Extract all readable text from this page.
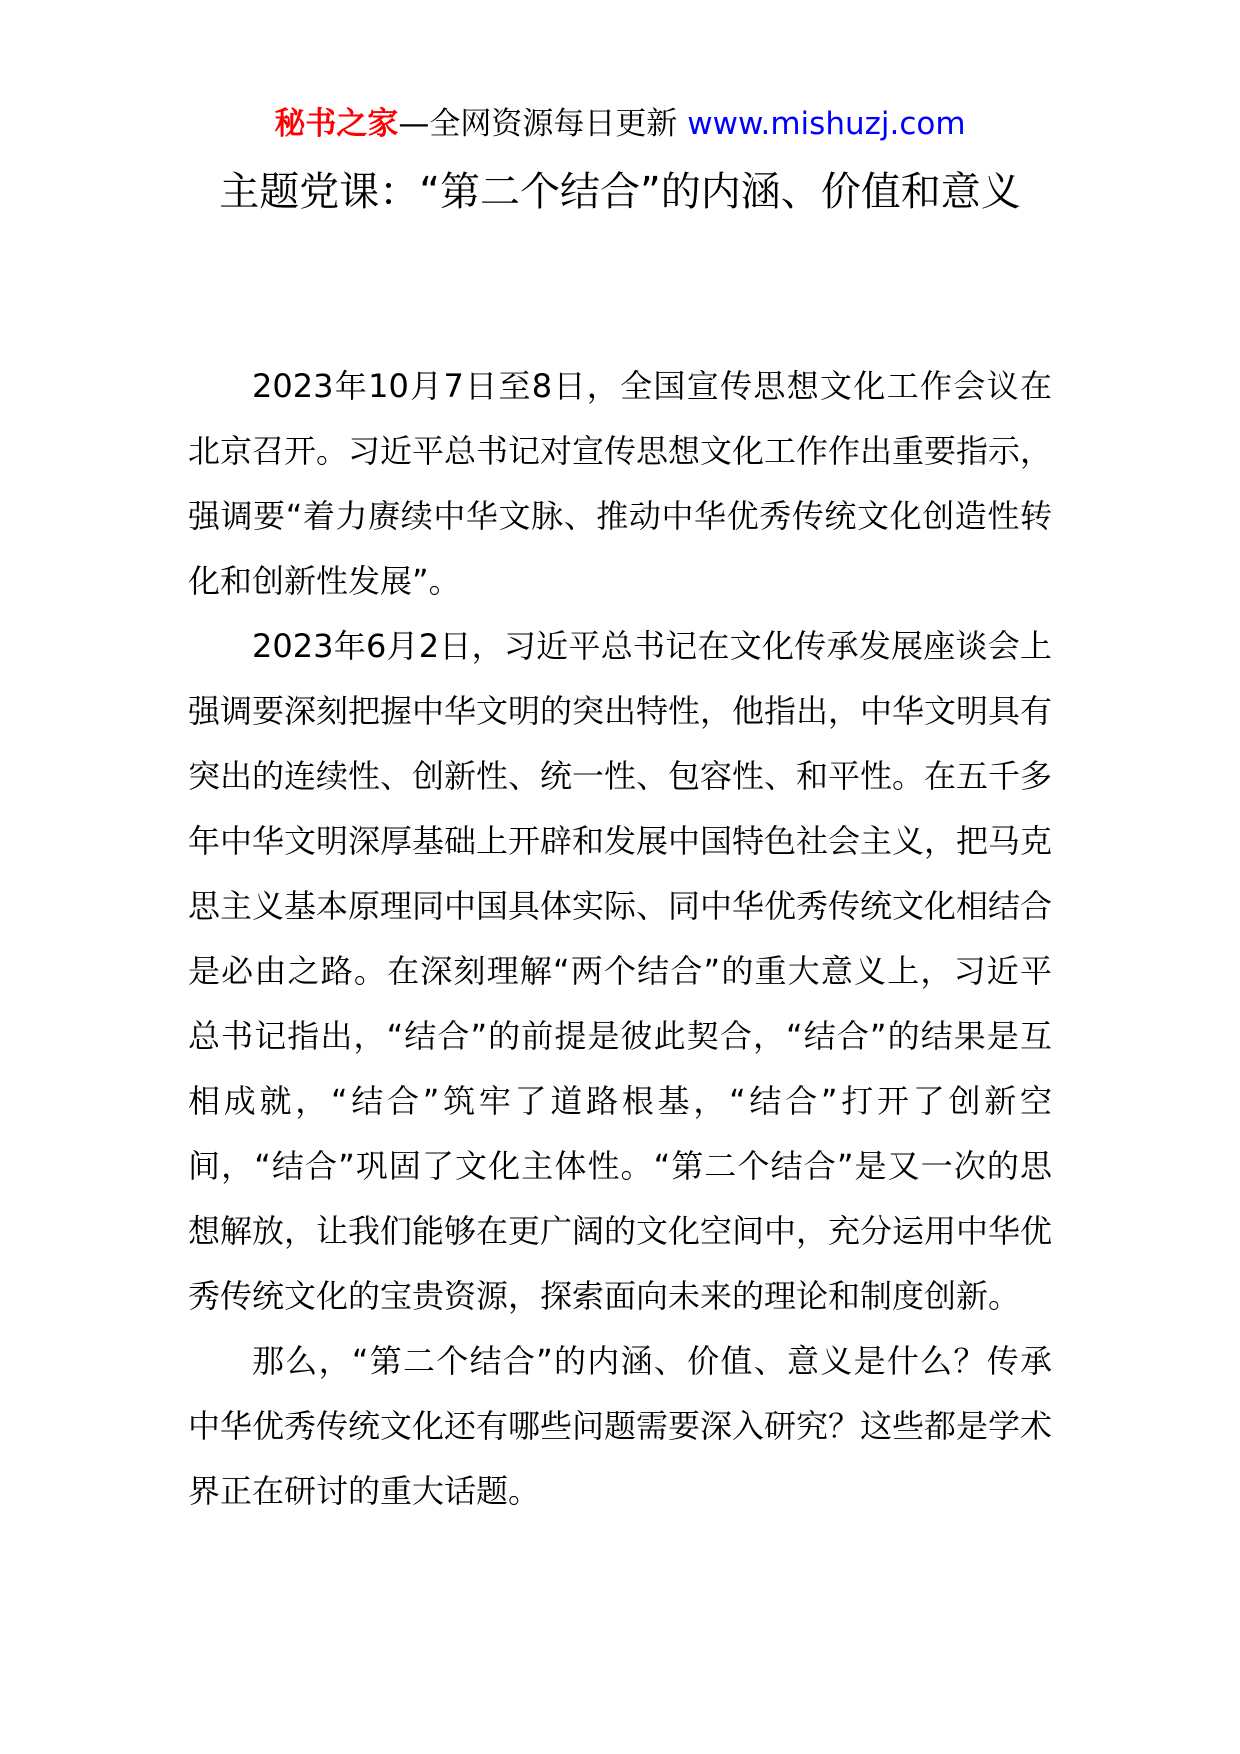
秘书之家—全网资源每日更新 www.mishuzj.com
主题党课：“第二个结合”的内涵、价值和意义

2023年10月7日至8日，全国宣传思想文化工作会议在北京召开。习近平总书记对宣传思想文化工作作出重要指示，强调要“着力赓续中华文脉、推动中华优秀传统文化创造性转化和创新性发展”。

2023年6月2日，习近平总书记在文化传承发展座谈会上强调要深刻把握中华文明的突出特性，他指出，中华文明具有突出的连续性、创新性、统一性、包容性、和平性。在五千多年中华文明深厚基础上开辟和发展中国特色社会主义，把马克思主义基本原理同中国具体实际、同中华优秀传统文化相结合是必由之路。在深刻理解“两个结合”的重大意义上，习近平总书记指出，“结合”的前提是彼此契合，“结合”的结果是互相成就，“结合”筑牢了道路根基，“结合”打开了创新空间，“结合”巩固了文化主体性。“第二个结合”是又一次的思想解放，让我们能够在更广阔的文化空间中，充分运用中华优秀传统文化的宝贵资源，探索面向未来的理论和制度创新。

那么，“第二个结合”的内涵、价值、意义是什么？传承中华优秀传统文化还有哪些问题需要深入研究？这些都是学术界正在研讨的重大话题。
